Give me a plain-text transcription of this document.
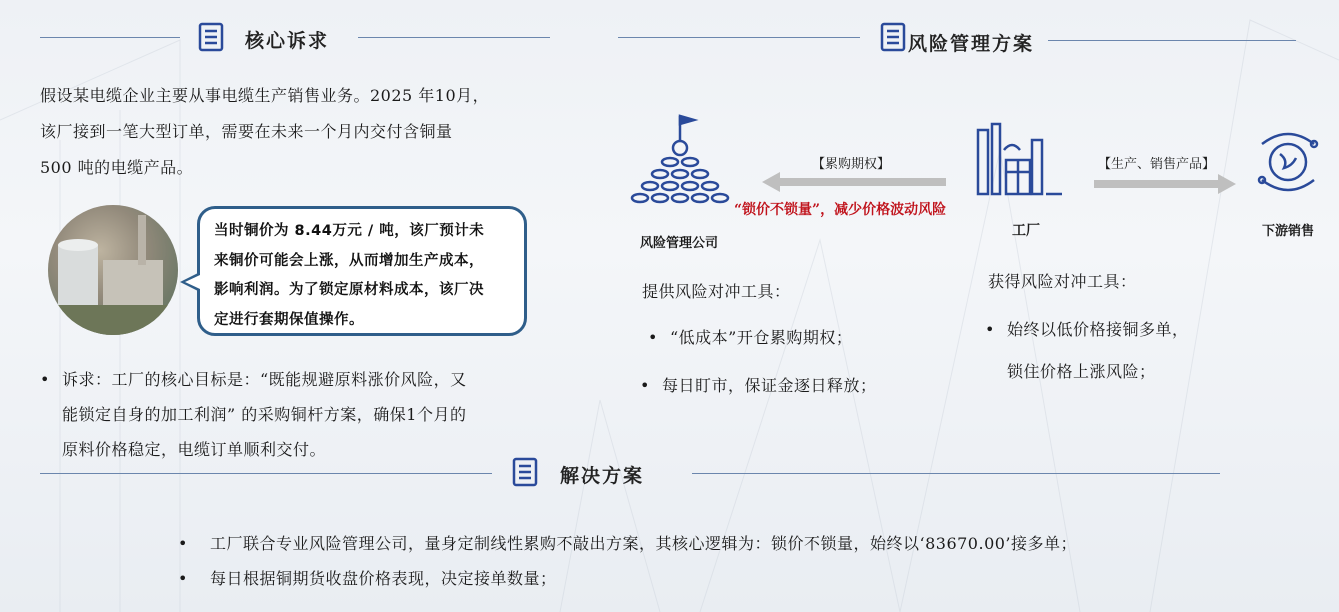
核心诉求	风险管理方案
假设某电缆企业主要从事电缆生产销售业务。2025 年10月，
该厂接到一笔大型订单，需要在未来一个月内交付含铜量
500 吨的电缆产品。
当时铜价为 8.44万元 / 吨，该厂预计未
来铜价可能会上涨，从而增加生产成本，
影响利润。为了锁定原材料成本，该厂决
定进行套期保值操作。
• 诉求：工厂的核心目标是：“既能规避原料涨价风险，又
能锁定自身的加工利润” 的采购铜杆方案，确保1个月的
原料价格稳定，电缆订单顺利交付。
风险管理公司
【累购期权】
工厂
【生产、销售产品】
下游销售
“锁价不锁量”，减少价格波动风险
提供风险对冲工具：
• “低成本”开仓累购期权；
• 每日盯市，保证金逐日释放；
获得风险对冲工具：
• 始终以低价格接铜多单，
锁住价格上涨风险；
解决方案
• 工厂联合专业风险管理公司，量身定制线性累购不敲出方案，其核心逻辑为：锁价不锁量，始终以‘83670.00’接多单；
• 每日根据铜期货收盘价格表现，决定接单数量；
